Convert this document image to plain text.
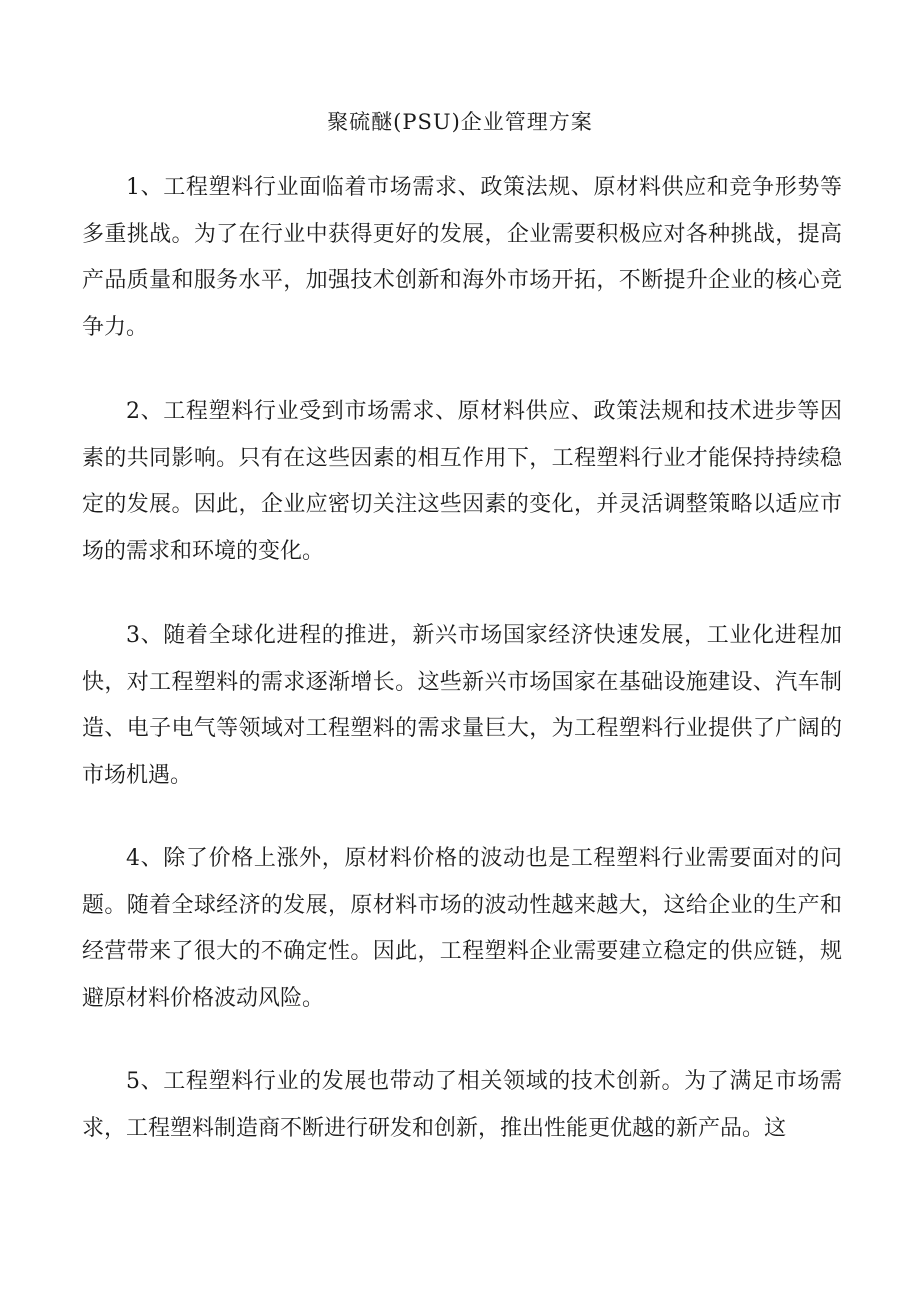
聚硫醚(PSU)企业管理方案

1、工程塑料行业面临着市场需求、政策法规、原材料供应和竞争形势等多重挑战。为了在行业中获得更好的发展，企业需要积极应对各种挑战，提高产品质量和服务水平，加强技术创新和海外市场开拓，不断提升企业的核心竞争力。

2、工程塑料行业受到市场需求、原材料供应、政策法规和技术进步等因素的共同影响。只有在这些因素的相互作用下，工程塑料行业才能保持持续稳定的发展。因此，企业应密切关注这些因素的变化，并灵活调整策略以适应市场的需求和环境的变化。

3、随着全球化进程的推进，新兴市场国家经济快速发展，工业化进程加快，对工程塑料的需求逐渐增长。这些新兴市场国家在基础设施建设、汽车制造、电子电气等领域对工程塑料的需求量巨大，为工程塑料行业提供了广阔的市场机遇。

4、除了价格上涨外，原材料价格的波动也是工程塑料行业需要面对的问题。随着全球经济的发展，原材料市场的波动性越来越大，这给企业的生产和经营带来了很大的不确定性。因此，工程塑料企业需要建立稳定的供应链，规避原材料价格波动风险。

5、工程塑料行业的发展也带动了相关领域的技术创新。为了满足市场需求，工程塑料制造商不断进行研发和创新，推出性能更优越的新产品。这
